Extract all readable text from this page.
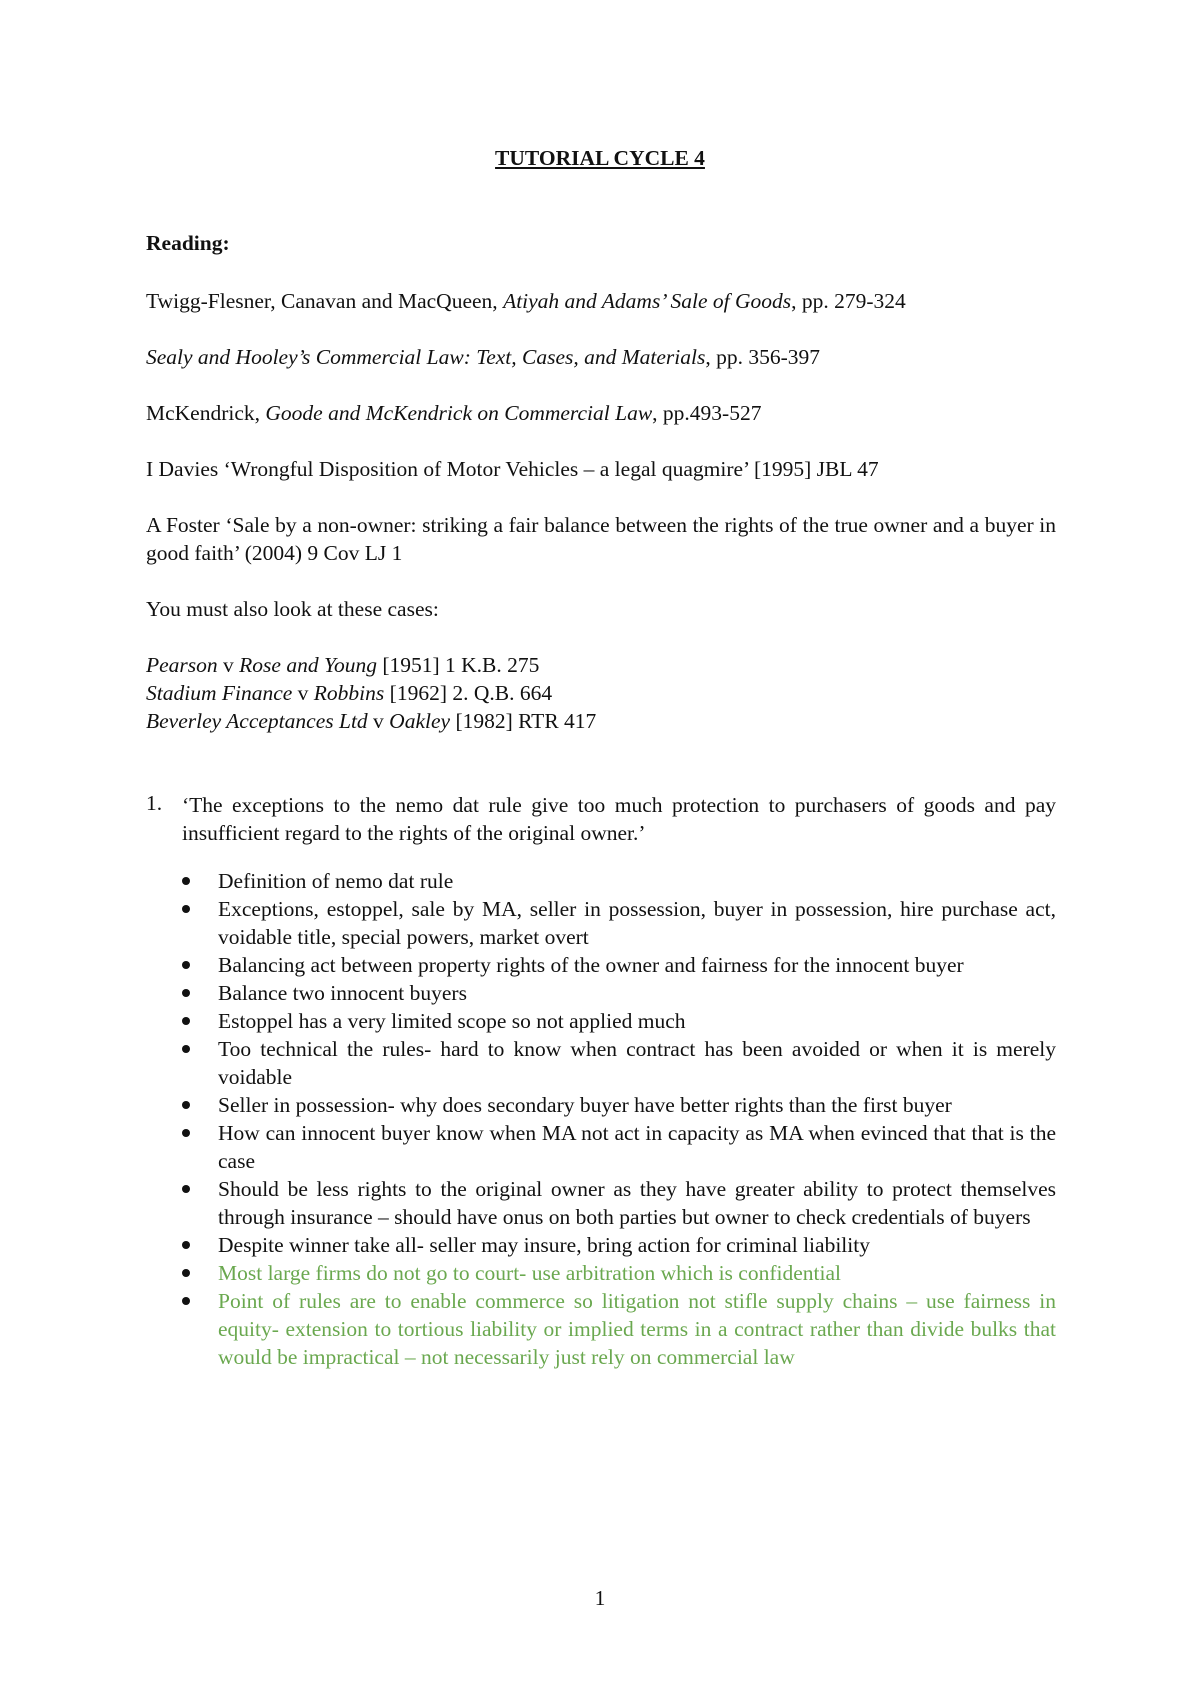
TUTORIAL CYCLE 4
Reading:
Twigg-Flesner, Canavan and MacQueen, Atiyah and Adams’ Sale of Goods, pp. 279-324
Sealy and Hooley’s Commercial Law: Text, Cases, and Materials, pp. 356-397
McKendrick, Goode and McKendrick on Commercial Law, pp.493-527
I Davies ‘Wrongful Disposition of Motor Vehicles – a legal quagmire’ [1995] JBL 47
A Foster ‘Sale by a non-owner: striking a fair balance between the rights of the true owner and a buyer in good faith’ (2004) 9 Cov LJ 1
You must also look at these cases:
Pearson v Rose and Young [1951] 1 K.B. 275
Stadium Finance v Robbins [1962] 2. Q.B. 664
Beverley Acceptances Ltd v Oakley [1982] RTR 417
1. ‘The exceptions to the nemo dat rule give too much protection to purchasers of goods and pay insufficient regard to the rights of the original owner.’
Definition of nemo dat rule
Exceptions, estoppel, sale by MA, seller in possession, buyer in possession, hire purchase act, voidable title, special powers, market overt
Balancing act between property rights of the owner and fairness for the innocent buyer
Balance two innocent buyers
Estoppel has a very limited scope so not applied much
Too technical the rules- hard to know when contract has been avoided or when it is merely voidable
Seller in possession- why does secondary buyer have better rights than the first buyer
How can innocent buyer know when MA not act in capacity as MA when evinced that that is the case
Should be less rights to the original owner as they have greater ability to protect themselves through insurance – should have onus on both parties but owner to check credentials of buyers
Despite winner take all- seller may insure, bring action for criminal liability
Most large firms do not go to court- use arbitration which is confidential
Point of rules are to enable commerce so litigation not stifle supply chains – use fairness in equity- extension to tortious liability or implied terms in a contract rather than divide bulks that would be impractical – not necessarily just rely on commercial law
1
